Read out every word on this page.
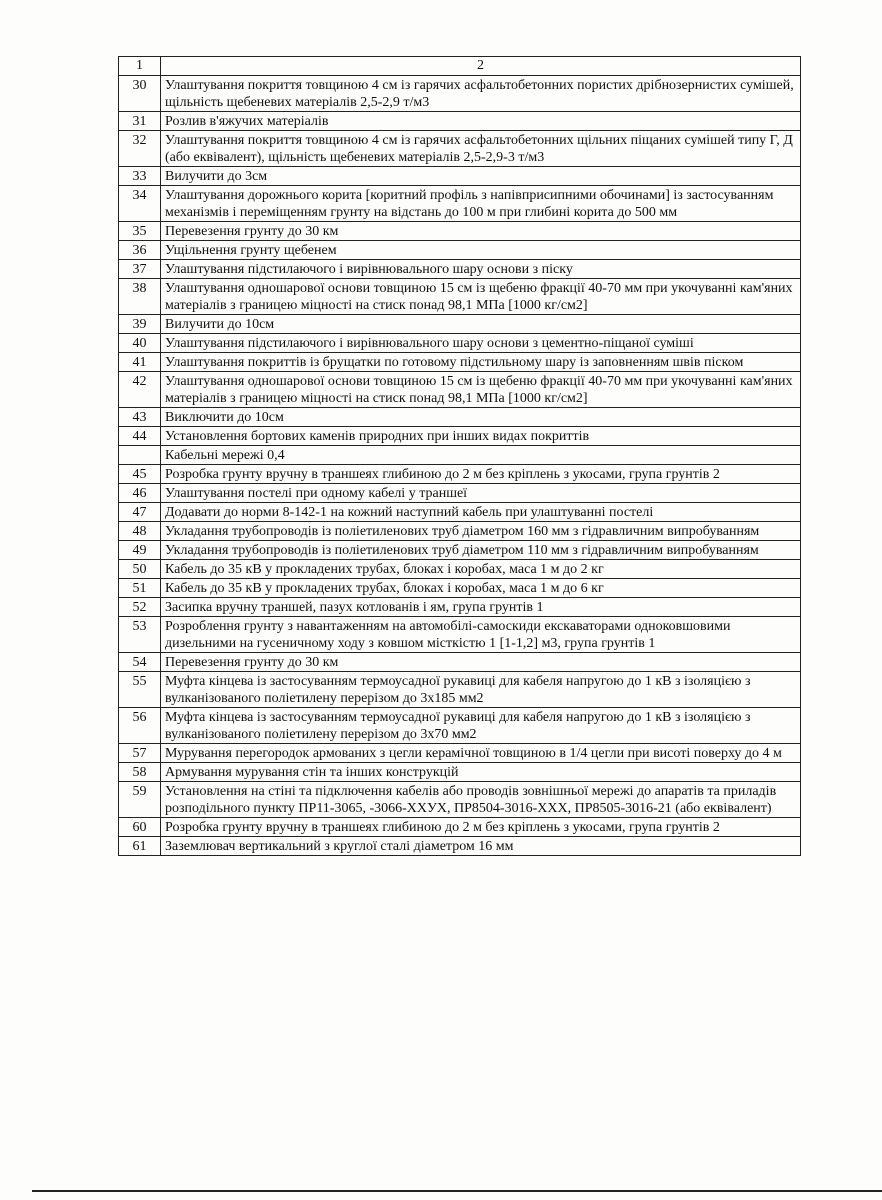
1	2
30	Улаштування покриття товщиною 4 см із гарячих асфальтобетонних пористих дрібнозернистих сумішей, щільність щебеневих матеріалів 2,5-2,9 т/м3
31	Розлив в'яжучих матеріалів
32	Улаштування покриття товщиною 4 см із гарячих асфальтобетонних щільних піщаних сумішей типу Г, Д (або еквівалент), щільність щебеневих матеріалів 2,5-2,9-3 т/м3
33	Вилучити до 3см
34	Улаштування дорожнього корита [коритний профіль з напівприсипними обочинами] із застосуванням механізмів і переміщенням грунту на відстань до 100 м при глибині корита до 500 мм
35	Перевезення грунту до 30 км
36	Ущільнення грунту щебенем
37	Улаштування підстилаючого і вирівнювального шару основи з піску
38	Улаштування одношарової основи товщиною 15 см із щебеню фракції 40-70 мм при укочуванні кам'яних матеріалів з границею міцності на стиск понад 98,1 МПа [1000 кг/см2]
39	Вилучити до 10см
40	Улаштування підстилаючого і вирівнювального шару основи з цементно-піщаної суміші
41	Улаштування покриттів із брущатки по готовому підстильному шару із заповненням швів піском
42	Улаштування одношарової основи товщиною 15 см із щебеню фракції 40-70 мм при укочуванні кам'яних матеріалів з границею міцності на стиск понад 98,1 МПа [1000 кг/см2]
43	Виключити до 10см
44	Установлення бортових каменів природних при інших видах покриттів
	Кабельні мережі 0,4
45	Розробка грунту вручну в траншеях глибиною до 2 м без кріплень з укосами, група грунтів 2
46	Улаштування постелі при одному кабелі у траншеї
47	Додавати до норми 8-142-1 на кожний наступний кабель при улаштуванні постелі
48	Укладання трубопроводів із поліетиленових труб діаметром 160 мм з гідравличним випробуванням
49	Укладання трубопроводів із поліетиленових труб діаметром 110 мм з гідравличним випробуванням
50	Кабель до 35 кВ у прокладених трубах, блоках і коробах, маса 1 м до 2 кг
51	Кабель до 35 кВ у прокладених трубах, блоках і коробах, маса 1 м до 6 кг
52	Засипка вручну траншей, пазух котлованів і ям, група грунтів 1
53	Розроблення грунту з навантаженням на автомобілі-самоскиди екскаваторами одноковшовими дизельними на гусеничному ходу з ковшом місткістю 1 [1-1,2] м3, група грунтів 1
54	Перевезення грунту до 30 км
55	Муфта кінцева із застосуванням термоусадної рукавиці для кабеля напругою до 1 кВ з ізоляцією з вулканізованого поліетилену перерізом до 3х185 мм2
56	Муфта кінцева із застосуванням термоусадної рукавиці для кабеля напругою до 1 кВ з ізоляцією з вулканізованого поліетилену перерізом до 3х70 мм2
57	Мурування перегородок армованих з цегли керамічної товщиною в 1/4 цегли при висоті поверху до 4 м
58	Армування мурування стін та інших конструкцій
59	Установлення на стіні та підключення кабелів або проводів зовнішньої мережі до апаратів та приладів розподільного пункту ПР11-3065, -3066-ХХУХ, ПР8504-3016-ХХХ, ПР8505-3016-21 (або еквівалент)
60	Розробка грунту вручну в траншеях глибиною до 2 м без кріплень з укосами, група грунтів 2
61	Заземлювач вертикальний з круглої сталі діаметром 16 мм
